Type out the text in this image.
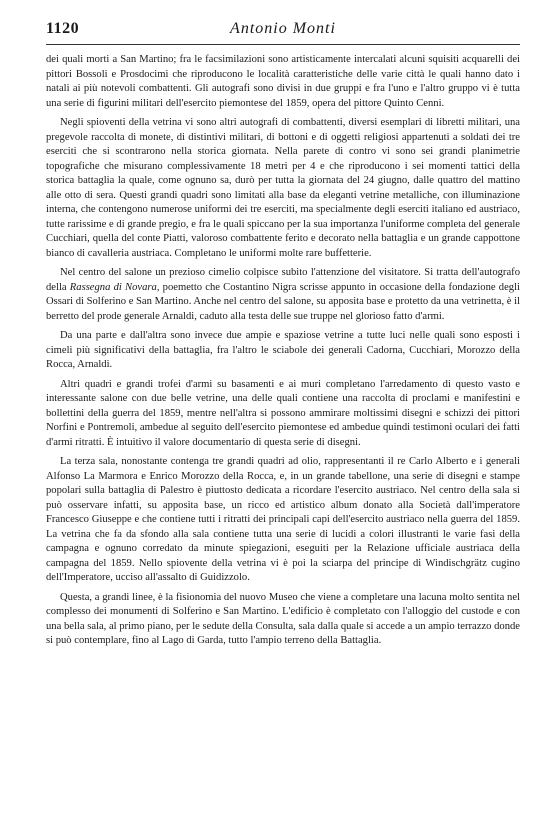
1120	Antonio Monti

dei quali morti a San Martino; fra le facsimilazioni sono artisticamente intercalati alcuni squisiti acquarelli dei pittori Bossoli e Prosdocimi che riproducono le località caratteristiche delle varie città le quali hanno dato i natali ai più notevoli combattenti. Gli autografi sono divisi in due gruppi e fra l'uno e l'altro gruppo vi è tutta una serie di figurini militari dell'esercito piemontese del 1859, opera del pittore Quinto Cenni.

Negli spioventi della vetrina vi sono altri autografi di combattenti, diversi esemplari di libretti militari, una pregevole raccolta di monete, di distintivi militari, di bottoni e di oggetti religiosi appartenuti a soldati dei tre eserciti che si scontrarono nella storica giornata. Nella parete di contro vi sono sei grandi planimetrie topografiche che misurano complessivamente 18 metri per 4 e che riproducono i sei momenti tattici della storica battaglia la quale, come ognuno sa, durò per tutta la giornata del 24 giugno, dalle quattro del mattino alle otto di sera. Questi grandi quadri sono limitati alla base da eleganti vetrine metalliche, con illuminazione interna, che contengono numerose uniformi dei tre eserciti, ma specialmente degli eserciti italiano ed austriaco, tutte rarissime e di grande pregio, e fra le quali spiccano per la sua importanza l'uniforme completa del generale Cucchiari, quella del conte Piatti, valoroso combattente ferito e decorato nella battaglia e un grande cappottone bianco di cavalleria austriaca. Completano le uniformi molte rare buffetterie.

Nel centro del salone un prezioso cimelio colpisce subito l'attenzione del visitatore. Si tratta dell'autografo della Rassegna di Novara, poemetto che Costantino Nigra scrisse appunto in occasione della fondazione degli Ossari di Solferino e San Martino. Anche nel centro del salone, su apposita base e protetto da una vetrinetta, è il berretto del prode generale Arnaldi, caduto alla testa delle sue truppe nel glorioso fatto d'armi.

Da una parte e dall'altra sono invece due ampie e spaziose vetrine a tutte luci nelle quali sono esposti i cimeli più significativi della battaglia, fra l'altro le sciabole dei generali Cadorna, Cucchiari, Morozzo della Rocca, Arnaldi.

Altri quadri e grandi trofei d'armi su basamenti e ai muri completano l'arredamento di questo vasto e interessante salone con due belle vetrine, una delle quali contiene una raccolta di proclami e manifestini e bollettini della guerra del 1859, mentre nell'altra si possono ammirare moltissimi disegni e schizzi dei pittori Norfini e Pontremoli, ambedue al seguito dell'esercito piemontese ed ambedue quindi testimoni oculari dei fatti d'armi ritratti. È intuitivo il valore documentario di questa serie di disegni.

La terza sala, nonostante contenga tre grandi quadri ad olio, rappresentanti il re Carlo Alberto e i generali Alfonso La Marmora e Enrico Morozzo della Rocca, e, in un grande tabellone, una serie di disegni e stampe popolari sulla battaglia di Palestro è piuttosto dedicata a ricordare l'esercito austriaco. Nel centro della sala si può osservare infatti, su apposita base, un ricco ed artistico album donato alla Società dall'imperatore Francesco Giuseppe e che contiene tutti i ritratti dei principali capi dell'esercito austriaco nella guerra del 1859. La vetrina che fa da sfondo alla sala contiene tutta una serie di lucidi a colori illustranti le varie fasi della campagna e ognuno corredato da minute spiegazioni, eseguiti per la Relazione ufficiale austriaca della campagna del 1859. Nello spiovente della vetrina vi è poi la sciarpa del principe di Windischgrätz cugino dell'Imperatore, ucciso all'assalto di Guidizzolo.

Questa, a grandi linee, è la fisionomia del nuovo Museo che viene a completare una lacuna molto sentita nel complesso dei monumenti di Solferino e San Martino. L'edificio è completato con l'alloggio del custode e con una bella sala, al primo piano, per le sedute della Consulta, sala dalla quale si accede a un ampio terrazzo donde si può contemplare, fino al Lago di Garda, tutto l'ampio terreno della Battaglia.
